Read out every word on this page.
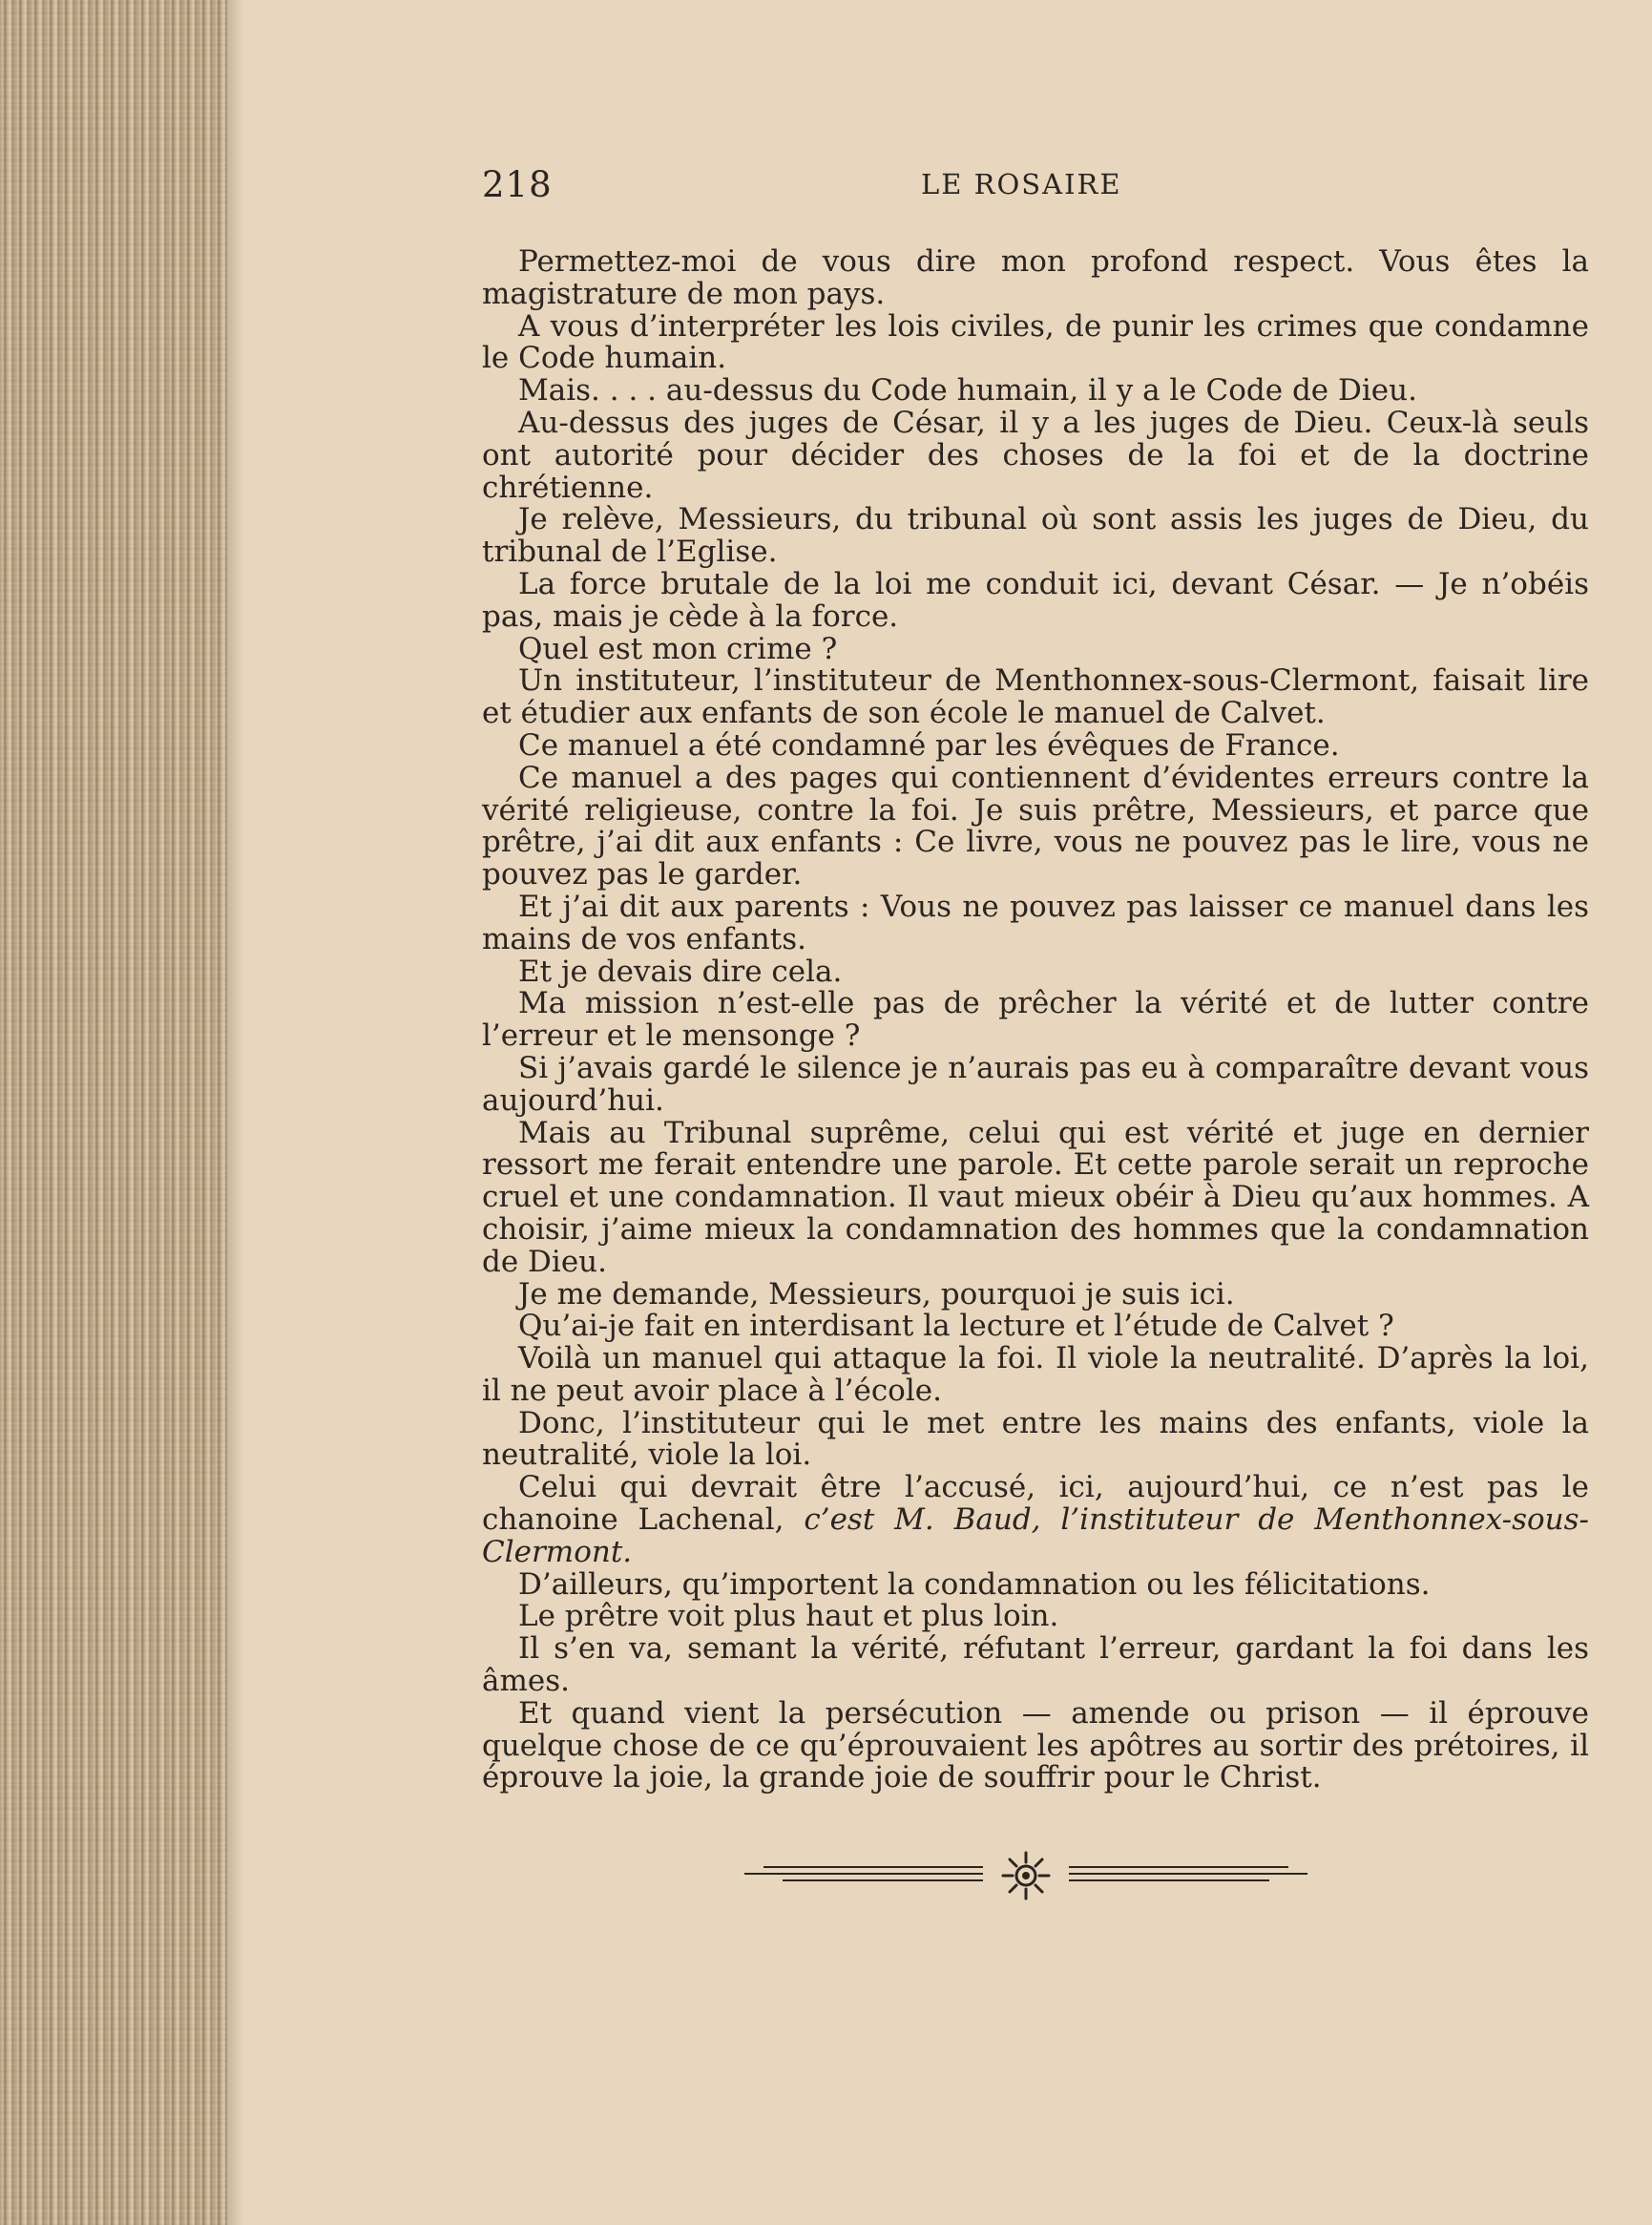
218	LE ROSAIRE

Permettez-moi de vous dire mon profond respect. Vous êtes la magistrature de mon pays.

A vous d’interpréter les lois civiles, de punir les crimes que condamne le Code humain.

Mais. . . . au-dessus du Code humain, il y a le Code de Dieu.

Au-dessus des juges de César, il y a les juges de Dieu. Ceux-là seuls ont autorité pour décider des choses de la foi et de la doctrine chrétienne.

Je relève, Messieurs, du tribunal où sont assis les juges de Dieu, du tribunal de l’Eglise.

La force brutale de la loi me conduit ici, devant César. — Je n’obéis pas, mais je cède à la force.

Quel est mon crime ?

Un instituteur, l’instituteur de Menthonnex-sous-Clermont, faisait lire et étudier aux enfants de son école le manuel de Calvet.

Ce manuel a été condamné par les évêques de France.

Ce manuel a des pages qui contiennent d’évidentes erreurs contre la vérité religieuse, contre la foi. Je suis prêtre, Messieurs, et parce que prêtre, j’ai dit aux enfants : Ce livre, vous ne pouvez pas le lire, vous ne pouvez pas le garder.

Et j’ai dit aux parents : Vous ne pouvez pas laisser ce manuel dans les mains de vos enfants.

Et je devais dire cela.

Ma mission n’est-elle pas de prêcher la vérité et de lutter contre l’erreur et le mensonge ?

Si j’avais gardé le silence je n’aurais pas eu à comparaître devant vous aujourd’hui.

Mais au Tribunal suprême, celui qui est vérité et juge en dernier ressort me ferait entendre une parole. Et cette parole serait un reproche cruel et une condamnation. Il vaut mieux obéir à Dieu qu’aux hommes. A choisir, j’aime mieux la condamnation des hommes que la condamnation de Dieu.

Je me demande, Messieurs, pourquoi je suis ici.

Qu’ai-je fait en interdisant la lecture et l’étude de Calvet ?

Voilà un manuel qui attaque la foi. Il viole la neutralité. D’après la loi, il ne peut avoir place à l’école.

Donc, l’instituteur qui le met entre les mains des enfants, viole la neutralité, viole la loi.

Celui qui devrait être l’accusé, ici, aujourd’hui, ce n’est pas le chanoine Lachenal, c’est M. Baud, l’instituteur de Menthonnex-sous-Clermont.

D’ailleurs, qu’importent la condamnation ou les félicitations.

Le prêtre voit plus haut et plus loin.

Il s’en va, semant la vérité, réfutant l’erreur, gardant la foi dans les âmes.

Et quand vient la persécution — amende ou prison — il éprouve quelque chose de ce qu’éprouvaient les apôtres au sortir des prétoires, il éprouve la joie, la grande joie de souffrir pour le Christ.
